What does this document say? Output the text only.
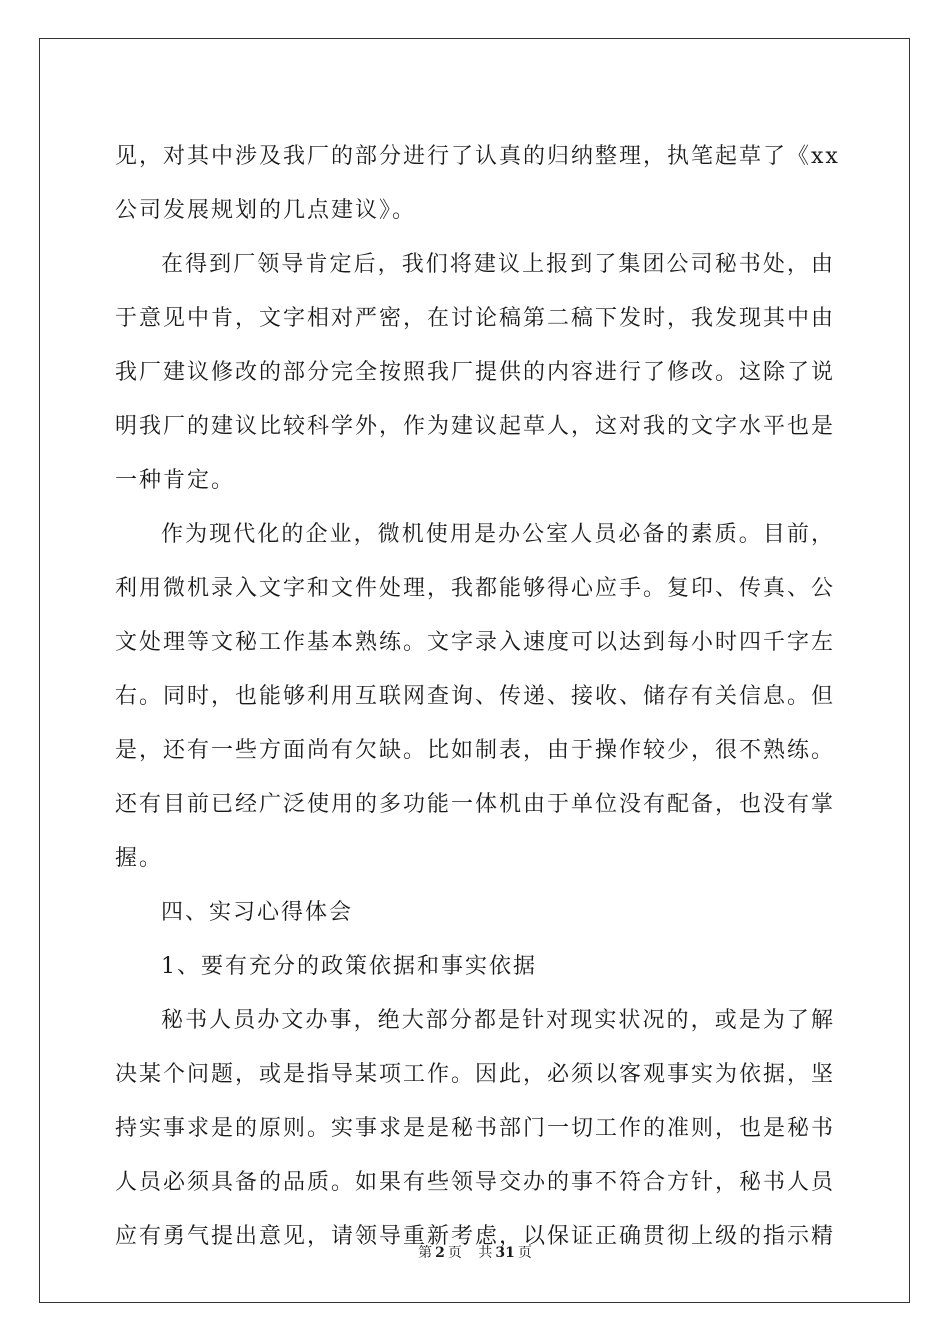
见，对其中涉及我厂的部分进行了认真的归纳整理，执笔起草了《xx
公司发展规划的几点建议》。
在得到厂领导肯定后，我们将建议上报到了集团公司秘书处，由
于意见中肯，文字相对严密，在讨论稿第二稿下发时，我发现其中由
我厂建议修改的部分完全按照我厂提供的内容进行了修改。这除了说
明我厂的建议比较科学外，作为建议起草人，这对我的文字水平也是
一种肯定。
作为现代化的企业，微机使用是办公室人员必备的素质。目前，
利用微机录入文字和文件处理，我都能够得心应手。复印、传真、公
文处理等文秘工作基本熟练。文字录入速度可以达到每小时四千字左
右。同时，也能够利用互联网查询、传递、接收、储存有关信息。但
是，还有一些方面尚有欠缺。比如制表，由于操作较少，很不熟练。
还有目前已经广泛使用的多功能一体机由于单位没有配备，也没有掌
握。
四、实习心得体会
1、要有充分的政策依据和事实依据
秘书人员办文办事，绝大部分都是针对现实状况的，或是为了解
决某个问题，或是指导某项工作。因此，必须以客观事实为依据，坚
持实事求是的原则。实事求是是秘书部门一切工作的准则，也是秘书
人员必须具备的品质。如果有些领导交办的事不符合方针，秘书人员
应有勇气提出意见，请领导重新考虑，以保证正确贯彻上级的指示精
第 2 页 共 31 页
